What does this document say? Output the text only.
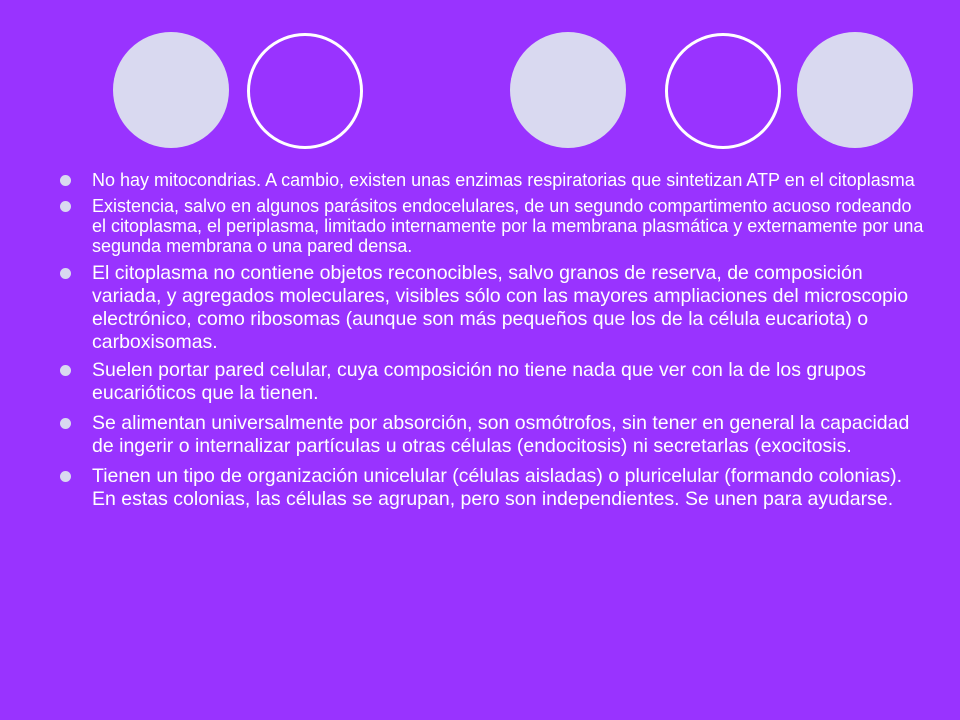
No hay mitocondrias. A cambio, existen unas enzimas respiratorias que sintetizan ATP en el citoplasma
Existencia, salvo en algunos parásitos endocelulares, de un segundo compartimento acuoso rodeando el citoplasma, el periplasma, limitado internamente por la membrana plasmática y externamente por una segunda membrana o una pared densa.
El citoplasma no contiene objetos reconocibles, salvo granos de reserva, de composición variada, y agregados moleculares, visibles sólo con las mayores ampliaciones del microscopio electrónico, como ribosomas (aunque son más pequeños que los de la célula eucariota) o carboxisomas.
Suelen portar pared celular, cuya composición no tiene nada que ver con la de los grupos eucarióticos que la tienen.
Se alimentan universalmente por absorción, son osmótrofos, sin tener en general la capacidad de ingerir o internalizar partículas u otras células (endocitosis) ni secretarlas (exocitosis.
Tienen un tipo de organización unicelular (células aisladas) o pluricelular (formando colonias). En estas colonias, las células se agrupan, pero son independientes. Se unen para ayudarse.
